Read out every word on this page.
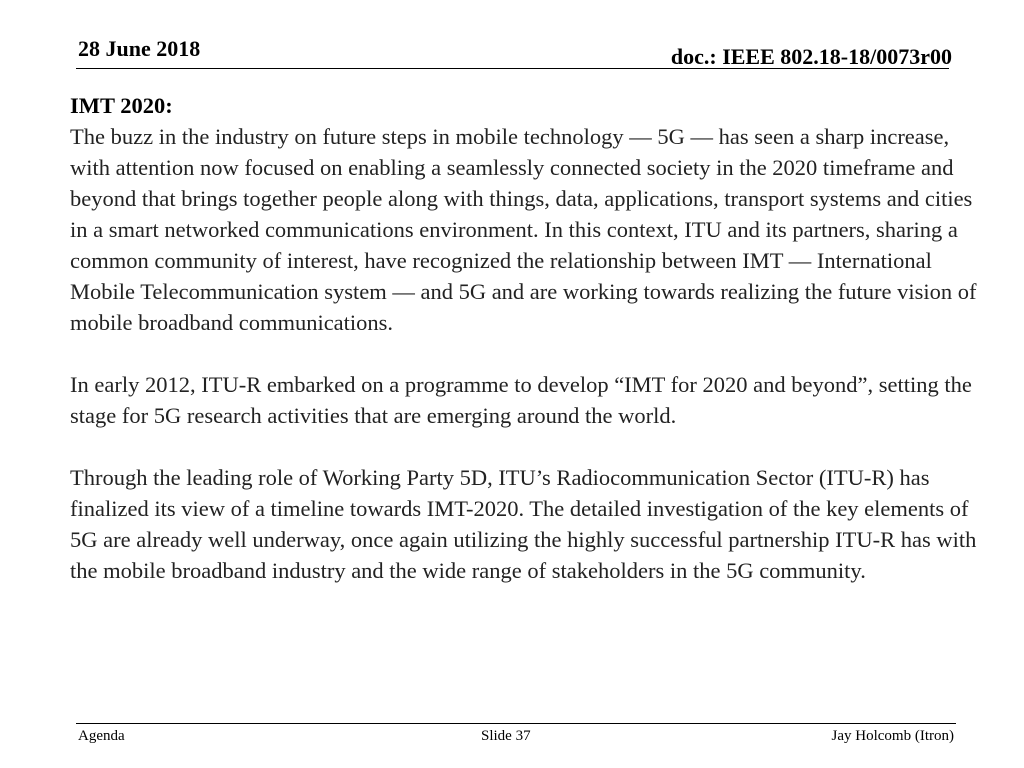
28 June 2018	doc.: IEEE 802.18-18/0073r00
IMT 2020:

The buzz in the industry on future steps in mobile technology — 5G — has seen a sharp increase, with attention now focused on enabling a seamlessly connected society in the 2020 timeframe and beyond that brings together people along with things, data, applications, transport systems and cities in a smart networked communications environment. In this context, ITU and its partners, sharing a common community of interest, have recognized the relationship between IMT — International Mobile Telecommunication system — and 5G and are working towards realizing the future vision of mobile broadband communications.

In early 2012, ITU-R embarked on a programme to develop “IMT for 2020 and beyond”, setting the stage for 5G research activities that are emerging around the world.

Through the leading role of Working Party 5D, ITU’s Radiocommunication Sector (ITU-R) has finalized its view of a timeline towards IMT-2020. The detailed investigation of the key elements of 5G are already well underway, once again utilizing the highly successful partnership ITU-R has with the mobile broadband industry and the wide range of stakeholders in the 5G community.

Agenda	Slide 37	Jay Holcomb (Itron)
